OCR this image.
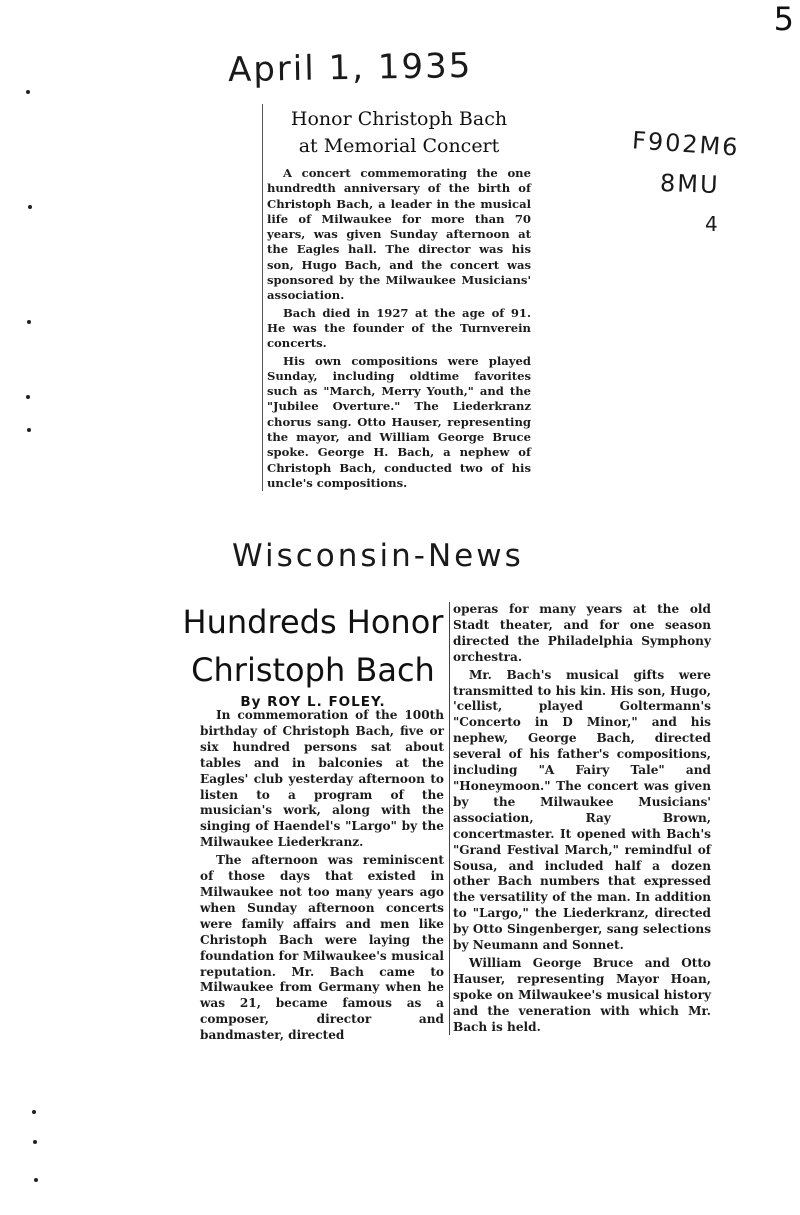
5
April 1, 1935
F902M6
8MU
4
Wisconsin-News
Honor Christoph Bach
at Memorial Concert

A concert commemorating the one hundredth anniversary of the birth of Christoph Bach, a leader in the musical life of Milwaukee for more than 70 years, was given Sunday afternoon at the Eagles hall. The director was his son, Hugo Bach, and the concert was sponsored by the Milwaukee Musicians' association.

Bach died in 1927 at the age of 91. He was the founder of the Turnverein concerts.

His own compositions were played Sunday, including oldtime favorites such as "March, Merry Youth," and the "Jubilee Overture." The Liederkranz chorus sang. Otto Hauser, representing the mayor, and William George Bruce spoke. George H. Bach, a nephew of Christoph Bach, conducted two of his uncle's compositions.

Hundreds Honor
Christoph Bach
By ROY L. FOLEY.

In commemoration of the 100th birthday of Christoph Bach, five or six hundred persons sat about tables and in balconies at the Eagles' club yesterday afternoon to listen to a program of the musician's work, along with the singing of Haendel's "Largo" by the Milwaukee Liederkranz.

The afternoon was reminiscent of those days that existed in Milwaukee not too many years ago when Sunday afternoon concerts were family affairs and men like Christoph Bach were laying the foundation for Milwaukee's musical reputation. Mr. Bach came to Milwaukee from Germany when he was 21, became famous as a composer, director and bandmaster, directed

operas for many years at the old Stadt theater, and for one season directed the Philadelphia Symphony orchestra.

Mr. Bach's musical gifts were transmitted to his kin. His son, Hugo, 'cellist, played Goltermann's "Concerto in D Minor," and his nephew, George Bach, directed several of his father's compositions, including "A Fairy Tale" and "Honeymoon." The concert was given by the Milwaukee Musicians' association, Ray Brown, concertmaster. It opened with Bach's "Grand Festival March," remindful of Sousa, and included half a dozen other Bach numbers that expressed the versatility of the man. In addition to "Largo," the Liederkranz, directed by Otto Singenberger, sang selections by Neumann and Sonnet.

William George Bruce and Otto Hauser, representing Mayor Hoan, spoke on Milwaukee's musical history and the veneration with which Mr. Bach is held.
